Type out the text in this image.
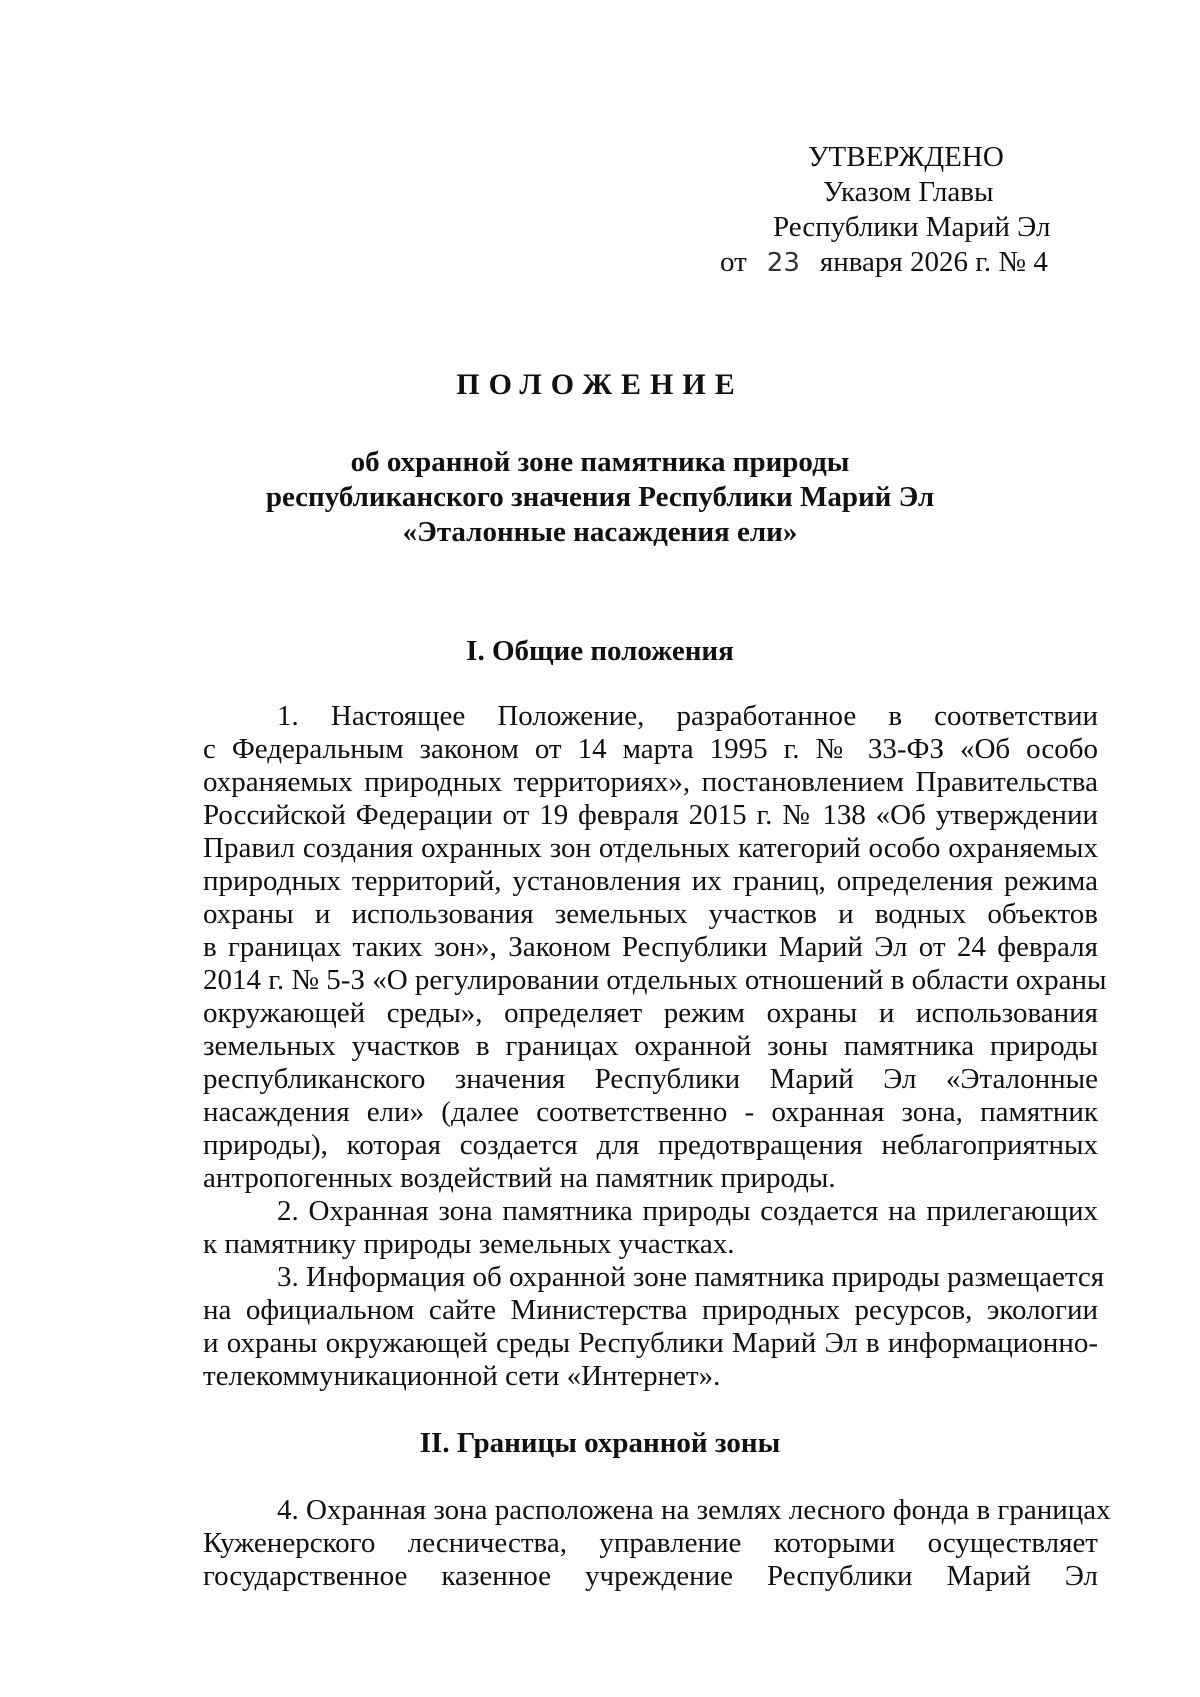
УТВЕРЖДЕНО
Указом Главы
Республики Марий Эл
от 23 января 2026 г. № 4
ПОЛОЖЕНИЕ
об охранной зоне памятника природы
республиканского значения Республики Марий Эл
«Эталонные насаждения ели»
I. Общие положения
1. Настоящее Положение, разработанное в соответствии
с Федеральным законом от 14 марта 1995 г. № 33-ФЗ «Об особо
охраняемых природных территориях», постановлением Правительства
Российской Федерации от 19 февраля 2015 г. № 138 «Об утверждении
Правил создания охранных зон отдельных категорий особо охраняемых
природных территорий, установления их границ, определения режима
охраны и использования земельных участков и водных объектов
в границах таких зон», Законом Республики Марий Эл от 24 февраля
2014 г. № 5-З «О регулировании отдельных отношений в области охраны
окружающей среды», определяет режим охраны и использования
земельных участков в границах охранной зоны памятника природы
республиканского значения Республики Марий Эл «Эталонные
насаждения ели» (далее соответственно - охранная зона, памятник
природы), которая создается для предотвращения неблагоприятных
антропогенных воздействий на памятник природы.
2. Охранная зона памятника природы создается на прилегающих
к памятнику природы земельных участках.
3. Информация об охранной зоне памятника природы размещается
на официальном сайте Министерства природных ресурсов, экологии
и охраны окружающей среды Республики Марий Эл в информационно-
телекоммуникационной сети «Интернет».
II. Границы охранной зоны
4. Охранная зона расположена на землях лесного фонда в границах
Куженерского лесничества, управление которыми осуществляет
государственное казенное учреждение Республики Марий Эл
